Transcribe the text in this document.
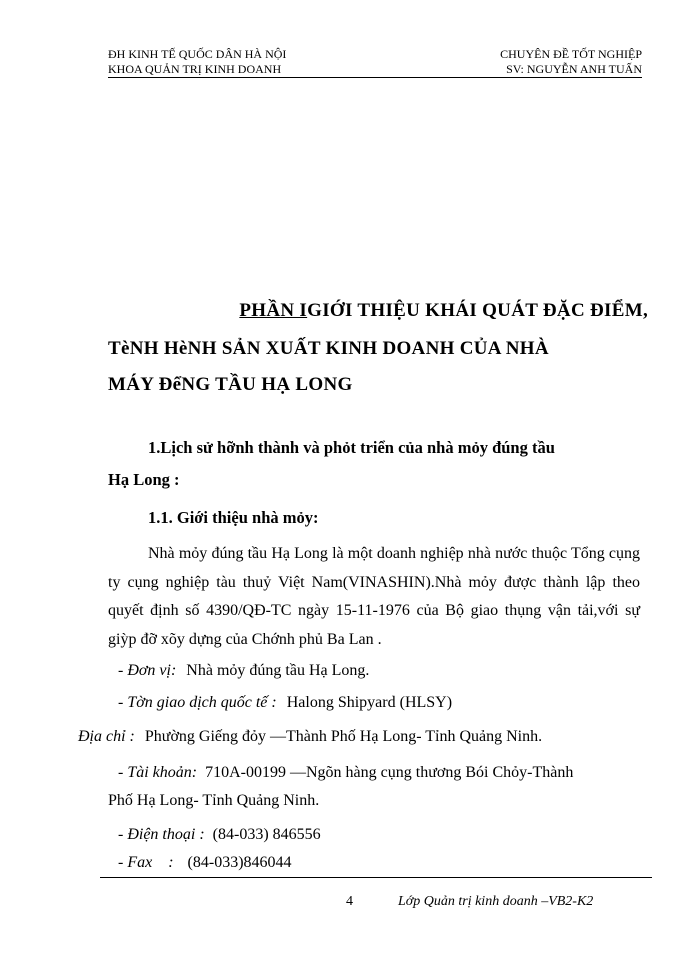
ĐH KINH TẾ QUỐC DÂN HÀ NỘI
KHOA QUẢN TRỊ KINH DOANH
CHUYÊN ĐỀ TỐT NGHIỆP
SV: NGUYỄN ANH TUẤN
PHẦN IGIỚI THIỆU KHÁI QUÁT ĐẶC ĐIỂM,
TèNH HèNH SẢN XUẤT KINH DOANH CỦA NHÀ
MÁY ĐểNG TẦU HẠ LONG
1.Lịch sử hỡnh thành và phỏt triển của nhà mỏy đúng tầu
Hạ Long :
1.1. Giới thiệu nhà mỏy:
Nhà mỏy đúng tầu Hạ Long là một doanh nghiệp nhà nước thuộc Tổng cụng ty cụng nghiệp tàu thuỷ Việt Nam(VINASHIN).Nhà mỏy được thành lập theo quyết định số 4390/QĐ-TC ngày 15-11-1976 của Bộ giao thụng vận tải,với sự giỳp đỡ xõy dựng của Chớnh phủ Ba Lan .
- Đơn vị: Nhà mỏy đúng tầu Hạ Long.
- Tờn giao dịch quốc tế : Halong Shipyard (HLSY)
Địa chỉ : Phường Giếng đỏy —Thành Phố Hạ Long- Tỉnh Quảng Ninh.
- Tài khoản: 710A-00199 —Ngõn hàng cụng thương Bói Chỏy-Thành
Phố Hạ Long- Tỉnh Quảng Ninh.
- Điện thoại : (84-033) 846556
- Fax    : (84-033)846044
4	Lớp Quản trị kinh doanh –VB2-K2
